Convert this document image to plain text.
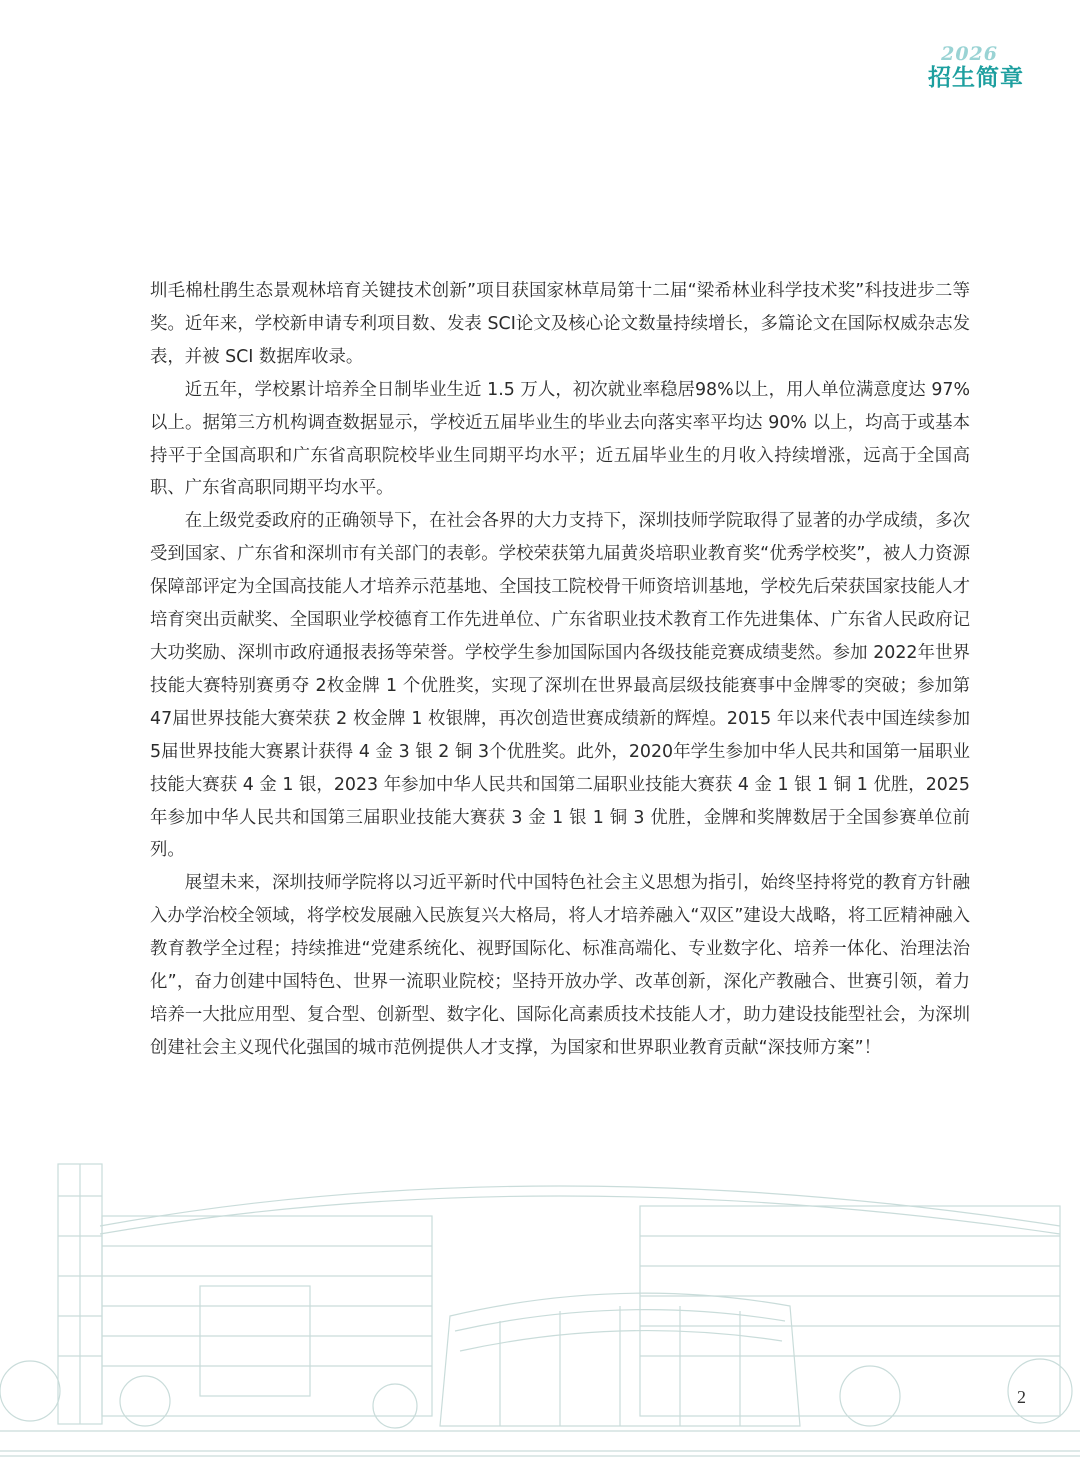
2026
招生简章

圳毛棉杜鹃生态景观林培育关键技术创新”项目获国家林草局第十二届“梁希林业科学技术奖”科技进步二等奖。近年来，学校新申请专利项目数、发表 SCI论文及核心论文数量持续增长，多篇论文在国际权威杂志发表，并被 SCI 数据库收录。

近五年，学校累计培养全日制毕业生近 1.5 万人，初次就业率稳居98%以上，用人单位满意度达 97%以上。据第三方机构调查数据显示，学校近五届毕业生的毕业去向落实率平均达 90% 以上，均高于或基本持平于全国高职和广东省高职院校毕业生同期平均水平；近五届毕业生的月收入持续增涨，远高于全国高职、广东省高职同期平均水平。

在上级党委政府的正确领导下，在社会各界的大力支持下，深圳技师学院取得了显著的办学成绩，多次受到国家、广东省和深圳市有关部门的表彰。学校荣获第九届黄炎培职业教育奖“优秀学校奖”，被人力资源保障部评定为全国高技能人才培养示范基地、全国技工院校骨干师资培训基地，学校先后荣获国家技能人才培育突出贡献奖、全国职业学校德育工作先进单位、广东省职业技术教育工作先进集体、广东省人民政府记大功奖励、深圳市政府通报表扬等荣誉。学校学生参加国际国内各级技能竞赛成绩斐然。参加 2022年世界技能大赛特别赛勇夺 2枚金牌 1 个优胜奖，实现了深圳在世界最高层级技能赛事中金牌零的突破；参加第 47届世界技能大赛荣获 2 枚金牌 1 枚银牌，再次创造世赛成绩新的辉煌。2015 年以来代表中国连续参加 5届世界技能大赛累计获得 4 金 3 银 2 铜 3个优胜奖。此外，2020年学生参加中华人民共和国第一届职业技能大赛获 4 金 1 银，2023 年参加中华人民共和国第二届职业技能大赛获 4 金 1 银 1 铜 1 优胜，2025 年参加中华人民共和国第三届职业技能大赛获 3 金 1 银 1 铜 3 优胜，金牌和奖牌数居于全国参赛单位前列。

展望未来，深圳技师学院将以习近平新时代中国特色社会主义思想为指引，始终坚持将党的教育方针融入办学治校全领域，将学校发展融入民族复兴大格局，将人才培养融入“双区”建设大战略，将工匠精神融入教育教学全过程；持续推进“党建系统化、视野国际化、标准高端化、专业数字化、培养一体化、治理法治化”，奋力创建中国特色、世界一流职业院校；坚持开放办学、改革创新，深化产教融合、世赛引领，着力培养一大批应用型、复合型、创新型、数字化、国际化高素质技术技能人才，助力建设技能型社会，为深圳创建社会主义现代化强国的城市范例提供人才支撑，为国家和世界职业教育贡献“深技师方案”！

2
